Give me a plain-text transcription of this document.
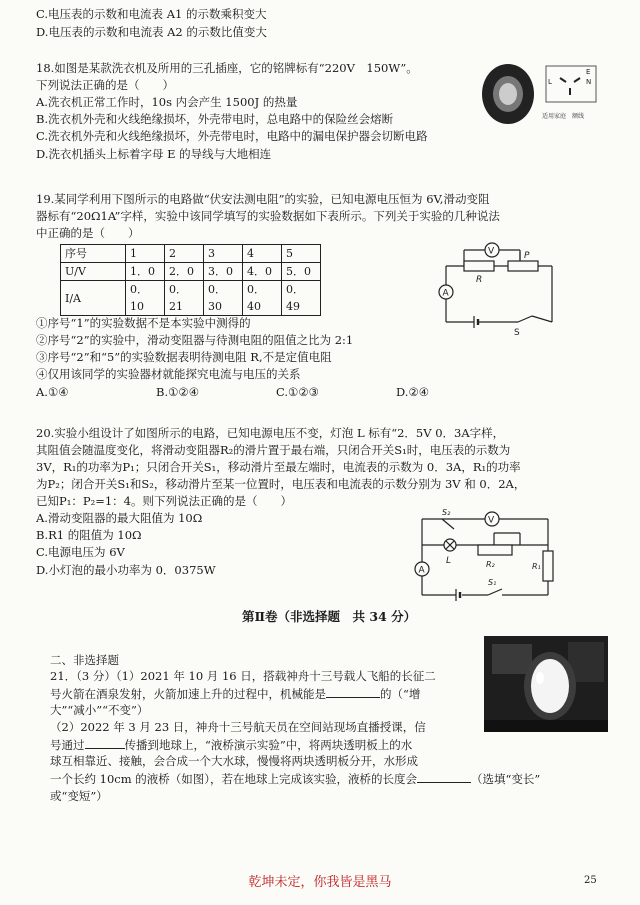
C.电压表的示数和电流表 A1 的示数乘积变大
D.电压表的示数和电流表 A2 的示数比值变大
18.如图是某款洗衣机及所用的三孔插座，它的铭牌标有“220V　150W”。
下列说法正确的是（　　）
A.洗衣机正常工作时，10s 内会产生 1500J 的热量
B.洗衣机外壳和火线绝缘损坏，外壳带电时，总电路中的保险丝会熔断
C.洗衣机外壳和火线绝缘损坏，外壳带电时，电路中的漏电保护器会切断电路
D.洗衣机插头上标着字母 E 的导线与大地相连
E
N
L
适用家庭　额线
19.某同学利用下图所示的电路做“伏安法测电阻”的实验，已知电源电压恒为 6V,滑动变阻
器标有“20Ω1A”字样，实验中该同学填写的实验数据如下表所示。下列关于实验的几种说法
中正确的是（　　）
序号	1	2	3	4	5
U/V	1．0	2．0	3．0	4．0	5．0
I/A	0．10	0．21	0．30	0．40	0．49
V
A
R
P
S
①序号“1”的实验数据不是本实验中测得的
②序号“2”的实验中，滑动变阻器与待测电阻的阻值之比为 2:1
③序号“2”和“5”的实验数据表明待测电阻 R,不是定值电阻
④仅用该同学的实验器材就能探究电流与电压的关系
A.①④	B.①②④	C.①②③	D.②④
20.实验小组设计了如图所示的电路，已知电源电压不变，灯泡 L 标有“2．5V 0．3A字样，
其阻值会随温度变化，将滑动变阻器R₂的滑片置于最右端，只闭合开关S₁时，电压表的示数为
3V，R₁的功率为P₁；只闭合开关S₁，移动滑片至最左端时，电流表的示数为 0．3A，R₁的功率
为P₂；闭合开关S₁和S₂，移动滑片至某一位置时，电压表和电流表的示数分别为 3V 和 0．2A，
已知P₁：P₂=1：4。则下列说法正确的是（　　）
A.滑动变阻器的最大阻值为 10Ω
B.R1 的阻值为 10Ω
C.电源电压为 6V
D.小灯泡的最小功率为 0．0375W
S₂
V
A
L	R₂	R₁
S₁
第Ⅱ卷（非选择题　共 34 分）
二、非选择题
21．（3 分）（1）2021 年 10 月 16 日，搭载神舟十三号载人飞船的长征二
号火箭在酒泉发射，火箭加速上升的过程中，机械能是	的（“增
大”“减小”“不变”）
（2）2022 年 3 月 23 日，神舟十三号航天员在空间站现场直播授课，信
号通过	传播到地球上，“液桥演示实验”中，将两块透明板上的水
球互相靠近、接触，会合成一个大水球，慢慢将两块透明板分开，水形成
一个长约 10cm 的液桥（如图），若在地球上完成该实验，液桥的长度会	（选填“变长”
或“变短”）
乾坤未定，你我皆是黑马	25
